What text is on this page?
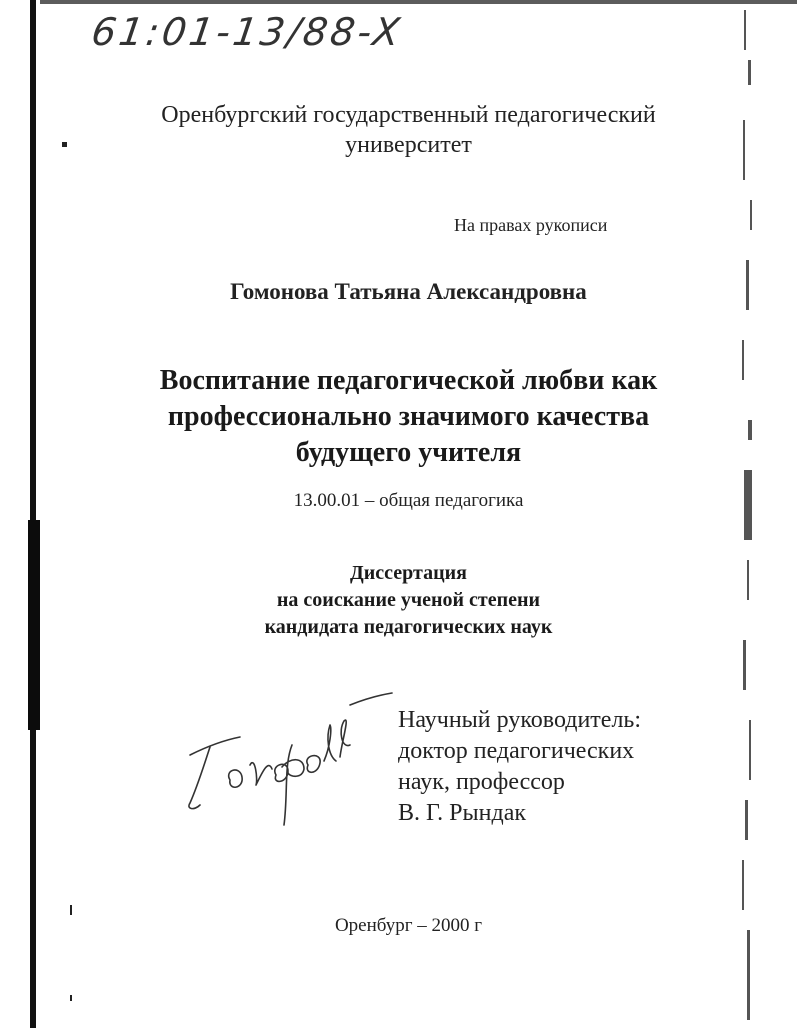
61:01-13/88-X
Оренбургский государственный педагогический
университет
На правах рукописи
Гомонова Татьяна Александровна
Воспитание педагогической любви как
профессионально значимого качества
будущего учителя
13.00.01 – общая педагогика
Диссертация
на соискание ученой степени
кандидата педагогических наук
Научный руководитель:
доктор педагогических
наук, профессор
В. Г. Рындак
Оренбург – 2000 г
